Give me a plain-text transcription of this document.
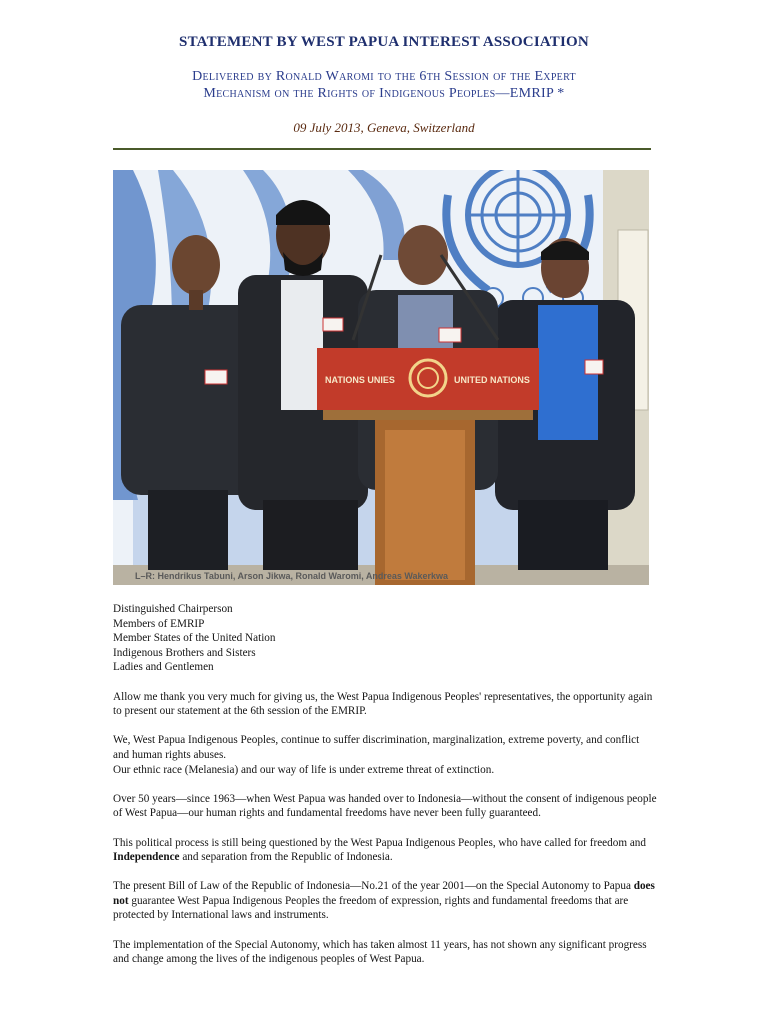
STATEMENT BY WEST PAPUA INTEREST ASSOCIATION
Delivered by Ronald Waromi to the 6th Session of the Expert
Mechanism on the Rights of Indigenous Peoples—EMRIP *
09 July 2013, Geneva, Switzerland
NATIONS UNIES	UNITED NATIONS
L–R: Hendrikus Tabuni, Arson Jikwa, Ronald Waromi, Andreas Wakerkwa

Distinguished Chairperson
Members of EMRIP
Member States of the United Nation
Indigenous Brothers and Sisters
Ladies and Gentlemen

Allow me thank you very much for giving us, the West Papua Indigenous Peoples' representatives, the opportunity again to present our statement at the 6th session of the EMRIP.

We, West Papua Indigenous Peoples, continue to suffer discrimination, marginalization, extreme poverty, and conflict and human rights abuses.
Our ethnic race (Melanesia) and our way of life is under extreme threat of extinction.

Over 50 years—since 1963—when West Papua was handed over to Indonesia—without the consent of indigenous people of West Papua—our human rights and fundamental freedoms have never been fully guaranteed.

This political process is still being questioned by the West Papua Indigenous Peoples, who have called for freedom and Independence and separation from the Republic of Indonesia.

The present Bill of Law of the Republic of Indonesia—No.21 of the year 2001—on the Special Autonomy to Papua does not guarantee West Papua Indigenous Peoples the freedom of expression, rights and fundamental freedoms that are protected by International laws and instruments.

The implementation of the Special Autonomy, which has taken almost 11 years, has not shown any significant progress and change among the lives of the indigenous peoples of West Papua.
